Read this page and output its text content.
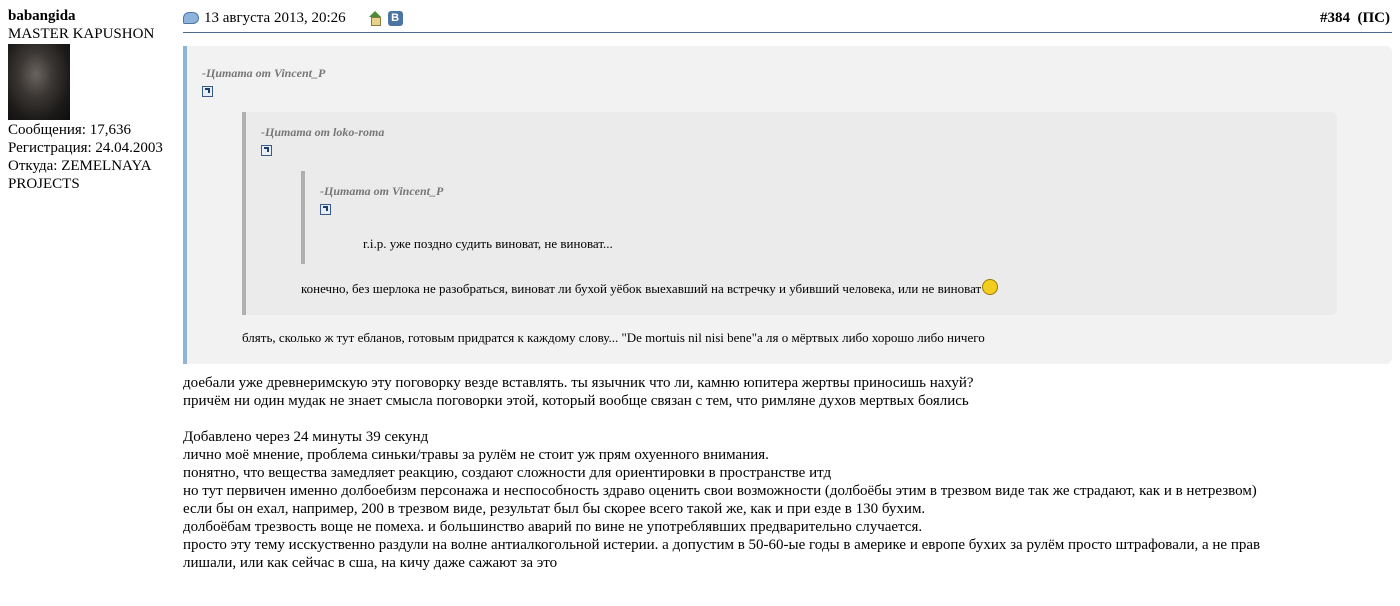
babangida
MASTER KAPUSHON
Сообщения: 17,636
Регистрация: 24.04.2003
Откуда: ZEMELNAYA
PROJECTS
13 августа 2013, 20:26	В	#384 (ПС)
-Цитата от Vincent_P
-Цитата от loko-roma
-Цитата от Vincent_P
r.i.p. уже поздно судить виноват, не виноват...
конечно, без шерлока не разобраться, виноват ли бухой уёбок выехавший на встречку и убивший человека, или не виноват
блять, сколько ж тут ебланов, готовым придратся к каждому слову... "De mortuis nil nisi bene"а ля о мёртвых либо хорошо либо ничего

доебали уже древнеримскую эту поговорку везде вставлять. ты язычник что ли, камню юпитера жертвы приносишь нахуй?

причём ни один мудак не знает смысла поговорки этой, который вообще связан с тем, что римляне духов мертвых боялись

Добавлено через 24 минуты 39 секунд

лично моё мнение, проблема синьки/травы за рулём не стоит уж прям охуенного внимания.

понятно, что вещества замедляет реакцию, создают сложности для ориентировки в пространстве итд

но тут первичен именно долбоебизм персонажа и неспособность здраво оценить свои возможности (долбоёбы этим в трезвом виде так же страдают, как и в нетрезвом)

если бы он ехал, например, 200 в трезвом виде, результат был бы скорее всего такой же, как и при езде в 130 бухим.

долбоёбам трезвость воще не помеха. и большинство аварий по вине не употреблявших предварительно случается.

просто эту тему исскуственно раздули на волне антиалкогольной истерии. а допустим в 50-60-ые годы в америке и европе бухих за рулём просто штрафовали, а не прав

лишали, или как сейчас в сша, на кичу даже сажают за это
